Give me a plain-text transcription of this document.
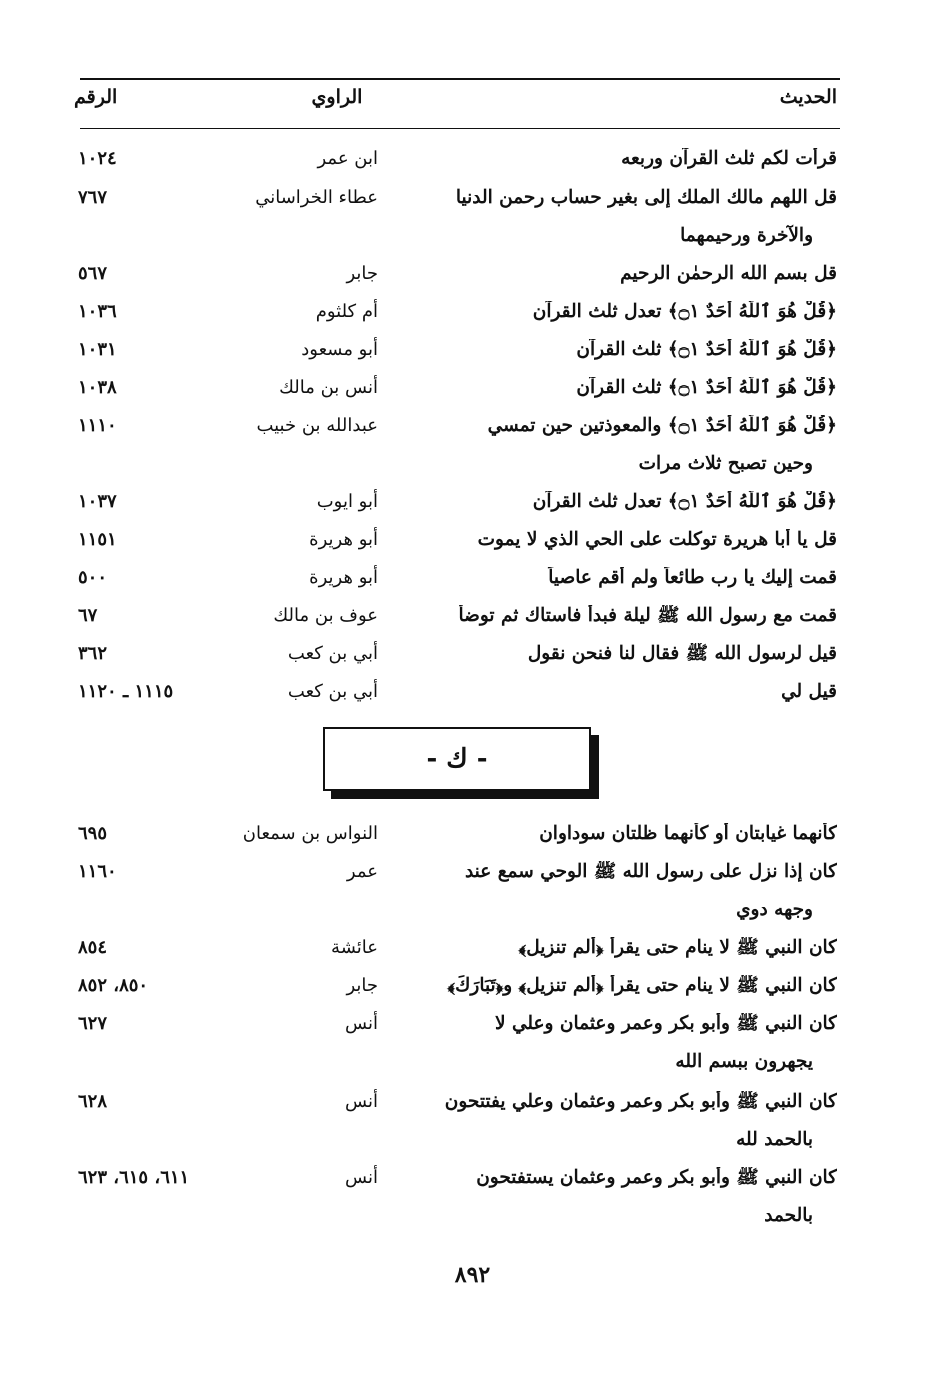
الحديث
الراوي
الرقم
قرأت لكم ثلث القرآن وربعه
ابن عمر
١٠٢٤
قل اللهم مالك الملك إلى بغير حساب رحمن الدنيا
عطاء الخراساني
٧٦٧
والآخرة ورحيمهما
قل بسم الله الرحمٰن الرحيم
جابر
٥٦٧
﴿قُلْ هُوَ ٱللَّهُ أَحَدٌ ۝١﴾ تعدل ثلث القرآن
أم كلثوم
١٠٣٦
﴿قُلْ هُوَ ٱللَّهُ أَحَدٌ ۝١﴾ ثلث القرآن
أبو مسعود
١٠٣١
﴿قُلْ هُوَ ٱللَّهُ أَحَدٌ ۝١﴾ ثلث القرآن
أنس بن مالك
١٠٣٨
﴿قُلْ هُوَ ٱللَّهُ أَحَدٌ ۝١﴾ والمعوذتين حين تمسي
عبدالله بن خبيب
١١١٠
وحين تصبح ثلاث مرات
﴿قُلْ هُوَ ٱللَّهُ أَحَدٌ ۝١﴾ تعدل ثلث القرآن
أبو ايوب
١٠٣٧
قل يا أبا هريرة توكلت على الحي الذي لا يموت
أبو هريرة
١١٥١
قمت إليك يا رب طائعاً ولم أقم عاصياً
أبو هريرة
٥٠٠
قمت مع رسول الله ﷺ ليلة فبدأ فاستاك ثم توضأ
عوف بن مالك
٦٧
قيل لرسول الله ﷺ فقال لنا فنحن نقول
أبي بن كعب
٣٦٢
قيل لي
أبي بن كعب
١١١٥ ـ ١١٢٠
- ك -
كأنهما غيابتان أو كأنهما ظلتان سوداوان
النواس بن سمعان
٦٩٥
كان إذا نزل على رسول الله ﷺ الوحي سمع عند
عمر
١١٦٠
وجهه دوي
كان النبي ﷺ لا ينام حتى يقرأ ﴿ألم تنزيل﴾
عائشة
٨٥٤
كان النبي ﷺ لا ينام حتى يقرأ ﴿ألم تنزيل﴾ و﴿تَبَارَكَ﴾
جابر
٨٥٠، ٨٥٢
كان النبي ﷺ وأبو بكر وعمر وعثمان وعلي لا
أنس
٦٢٧
يجهرون ببسم الله
كان النبي ﷺ وأبو بكر وعمر وعثمان وعلي يفتتحون
أنس
٦٢٨
بالحمد لله
كان النبي ﷺ وأبو بكر وعمر وعثمان يستفتحون
أنس
٦١١، ٦١٥، ٦٢٣
بالحمد
٨٩٢
